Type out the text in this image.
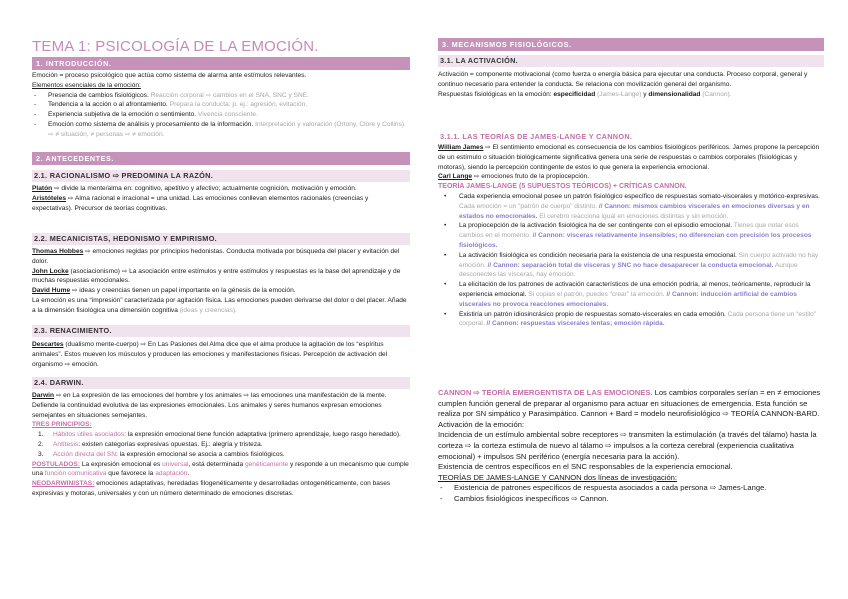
TEMA 1: PSICOLOGÍA DE LA EMOCIÓN.
1. INTRODUCCIÓN.

Emoción = proceso psicológico que actúa como sistema de alarma ante estímulos relevantes.

Elementos esenciales de la emoción:

- Presencia de cambios fisiológicos. Reacción corporal ⇨ cambios en el SNA, SNC y SNE.
- Tendencia a la acción o al afrontamiento. Prepara la conducta; p. ej.: agresión, evitación.
- Experiencia subjetiva de la emoción o sentimiento. Vivencia consciente.
- Emoción como sistema de análisis y procesamiento de la información. Interpretación y valoración (Ortony, Clore y Collins). ⇨ ≠ situación, ≠ personas ⇨ ≠ emoción.
2. ANTECEDENTES.
2.1. RACIONALISMO ⇨ PREDOMINA LA RAZÓN.

Platón ⇨ divide la mente/alma en: cognitivo, apetitivo y afectivo; actualmente cognición, motivación y emoción.

Aristóteles ⇨ Alma racional e irracional = una unidad. Las emociones conllevan elementos racionales (creencias y expectativas). Precursor de teorías cognitivas.

2.2. MECANICISTAS, HEDONISMO Y EMPIRISMO.

Thomas Hobbes ⇨ emociones regidas por principios hedonistas. Conducta motivada por búsqueda del placer y evitación del dolor.

John Locke (asociacionismo) ⇨ La asociación entre estímulos y entre estímulos y respuestas es la base del aprendizaje y de muchas respuestas emocionales.

David Hume ⇨ ideas y creencias tienen un papel importante en la génesis de la emoción.

La emoción es una “impresión” caracterizada por agitación física. Las emociones pueden derivarse del dolor o del placer. Añade a la dimensión fisiológica una dimensión cognitiva (ideas y creencias).

2.3. RENACIMIENTO.

Descartes (dualismo mente-cuerpo) ⇨ En Las Pasiones del Alma dice que el alma produce la agitación de los “espíritus animales”. Estos mueven los músculos y producen las emociones y manifestaciones físicas. Percepción de activación del organismo ⇨ emoción.

2.4. DARWIN.

Darwin ⇨ en La expresión de las emociones del hombre y los animales ⇨ las emociones una manifestación de la mente. Defiende la continuidad evolutiva de las expresiones emocionales. Los animales y seres humanos expresan emociones semejantes en situaciones semejantes.

TRES PRINCIPIOS:

1. Hábitos útiles asociados: la expresión emocional tiene función adaptativa (primero aprendizaje, luego rasgo heredado).
2. Antítesis: existen categorías expresivas opuestas. Ej.: alegría y tristeza.
3. Acción directa del SN: la expresión emocional se asocia a cambios fisiológicos.

POSTULADOS: La expresión emocional es universal, está determinada genéticamente y responde a un mecanismo que cumple una función comunicativa que favorece la adaptación.

NEODARWINISTAS: emociones adaptativas, heredadas filogenéticamente y desarrolladas ontogenéticamente, con bases expresivas y motoras, universales y con un número determinado de emociones discretas.

3. MECANISMOS FISIOLÓGICOS.
3.1. LA ACTIVACIÓN.

Activación = componente motivacional (como fuerza o energía básica para ejecutar una conducta. Proceso corporal, general y continuo necesario para entender la conducta. Se relaciona con movilización general del organismo.

Respuestas fisiológicas en la emoción: especificidad (James-Lange) y dimensionalidad (Cannon).

3.1.1. LAS TEORÍAS DE JAMES-LANGE Y CANNON.

William James ⇨ El sentimiento emocional es consecuencia de los cambios fisiológicos periféricos. James propone la percepción de un estímulo o situación biológicamente significativa genera una serie de respuestas o cambios corporales (fisiológicas y motoras), siendo la percepción contingente de estos lo que genera la experiencia emocional.

Carl Lange ⇨ emociones fruto de la propiocepción.

TEORÍA JAMES-LANGE (5 SUPUESTOS TEÓRICOS) + CRÍTICAS CANNON.

• Cada experiencia emocional posee un patrón fisiológico específico de respuestas somato-viscerales y motórico-expresivas. Cada emoción = un “patrón de cuerpo” distinto. // Cannon: mismos cambios viscerales en emociones diversas y en estados no emocionales. El cerebro reacciona igual en emociones distintas y sin emoción.
• La propiocepción de la activación fisiológica ha de ser contingente con el episodio emocional. Tienes que notar esos cambios en el momento. // Cannon: vísceras relativamente insensibles; no diferencian con precisión los procesos fisiológicos.
• La activación fisiológica es condición necesaria para la existencia de una respuesta emocional. Sin cuerpo activado no hay emoción. // Cannon: separación total de vísceras y SNC no hace desaparecer la conducta emocional. Aunque desconectes las vísceras, hay emoción.
• La elicitación de los patrones de activación característicos de una emoción podría, al menos, teóricamente, reproducir la experiencia emocional. Si copias el patrón, puedes “crear” la emoción. // Cannon: inducción artificial de cambios viscerales no provoca reacciones emocionales.
• Existiría un patrón idiosincrásico propio de respuestas somato-viscerales en cada emoción. Cada persona tiene un “estilo” corporal. // Cannon: respuestas viscerales lentas; emoción rápida.

CANNON ⇨ TEORÍA EMERGENTISTA DE LAS EMOCIONES. Los cambios corporales serían = en ≠ emociones cumplen función general de preparar al organismo para actuar en situaciones de emergencia. Esta función se realiza por SN simpático y Parasimpático. Cannon + Bard = modelo neurofisiológico ⇨ TEORÍA CANNON-BARD.

Activación de la emoción:

Incidencia de un estímulo ambiental sobre receptores ⇨ transmiten la estimulación (a través del tálamo) hasta la corteza ⇨ la corteza estimula de nuevo al tálamo ⇨ impulsos a la corteza cerebral (experiencia cualitativa emocional) + impulsos SN periférico (energía necesaria para la acción).

Existencia de centros específicos en el SNC responsables de la experiencia emocional.

TEORÍAS DE JAMES-LANGE Y CANNON dos líneas de investigación:

- Existencia de patrones específicos de respuesta asociados a cada persona ⇨ James-Lange.
- Cambios fisiológicos inespecíficos ⇨ Cannon.
